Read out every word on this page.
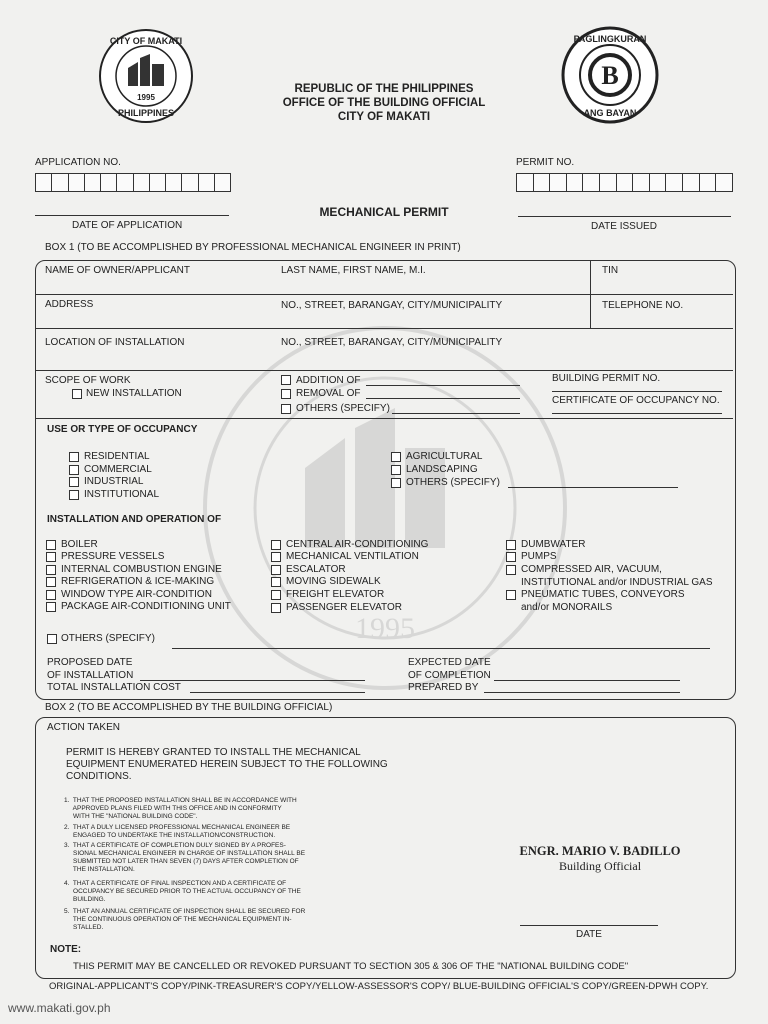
1995
CITY OF MAKATI
1995
PHILIPPINES
B
PAGLINGKURAN
ANG BAYAN
REPUBLIC OF THE PHILIPPINES
OFFICE OF THE BUILDING OFFICIAL
CITY OF MAKATI
APPLICATION NO.	PERMIT NO.
DATE OF APPLICATION
MECHANICAL PERMIT
DATE ISSUED
BOX 1 (TO BE ACCOMPLISHED BY PROFESSIONAL MECHANICAL ENGINEER IN PRINT)
NAME OF OWNER/APPLICANT	LAST NAME, FIRST NAME, M.I.	TIN
ADDRESS	NO., STREET, BARANGAY, CITY/MUNICIPALITY	TELEPHONE NO.
LOCATION OF INSTALLATION	NO., STREET, BARANGAY, CITY/MUNICIPALITY
SCOPE OF WORK
NEW INSTALLATION
ADDITION OF
REMOVAL OF
OTHERS (SPECIFY)
BUILDING PERMIT NO.
CERTIFICATE OF OCCUPANCY NO.
USE OR TYPE OF OCCUPANCY
RESIDENTIAL
COMMERCIAL
INDUSTRIAL
INSTITUTIONAL
AGRICULTURAL
LANDSCAPING
OTHERS (SPECIFY)
INSTALLATION AND OPERATION OF
BOILER
PRESSURE VESSELS
INTERNAL COMBUSTION ENGINE
REFRIGERATION & ICE-MAKING
WINDOW TYPE AIR-CONDITION
PACKAGE AIR-CONDITIONING UNIT
CENTRAL AIR-CONDITIONING
MECHANICAL VENTILATION
ESCALATOR
MOVING SIDEWALK
FREIGHT ELEVATOR
PASSENGER ELEVATOR
DUMBWATER
PUMPS
COMPRESSED AIR, VACUUM,
INSTITUTIONAL and/or INDUSTRIAL GAS
PNEUMATIC TUBES, CONVEYORS
and/or MONORAILS
OTHERS (SPECIFY)
PROPOSED DATE
OF INSTALLATION
TOTAL INSTALLATION COST
EXPECTED DATE
OF COMPLETION
PREPARED BY
BOX 2 (TO BE ACCOMPLISHED BY THE BUILDING OFFICIAL)
ACTION TAKEN
PERMIT IS HEREBY GRANTED TO INSTALL THE MECHANICAL
EQUIPMENT ENUMERATED HEREIN SUBJECT TO THE FOLLOWING
CONDITIONS.
1.  THAT THE PROPOSED INSTALLATION SHALL BE IN ACCORDANCE WITH
APPROVED PLANS FILED WITH THIS OFFICE AND IN CONFORMITY
WITH THE "NATIONAL BUILDING CODE".
2.  THAT A DULY LICENSED PROFESSIONAL MECHANICAL ENGINEER BE
ENGAGED TO UNDERTAKE THE INSTALLATION/CONSTRUCTION.
3.  THAT A CERTIFICATE OF COMPLETION DULY SIGNED BY A PROFES-
SIONAL MECHANICAL ENGINEER IN CHARGE OF INSTALLATION SHALL BE
SUBMITTED NOT LATER THAN SEVEN (7) DAYS AFTER COMPLETION OF
THE INSTALLATION.
4.  THAT A CERTIFICATE OF FINAL INSPECTION AND A CERTIFICATE OF
OCCUPANCY BE SECURED PRIOR TO THE ACTUAL OCCUPANCY OF THE
BUILDING.
5.  THAT AN ANNUAL CERTIFICATE OF INSPECTION SHALL BE SECURED FOR
THE CONTINUOUS OPERATION OF THE MECHANICAL EQUIPMENT IN-
STALLED.
ENGR. MARIO V. BADILLO
Building Official
DATE
NOTE:
THIS PERMIT MAY BE CANCELLED OR REVOKED PURSUANT TO SECTION 305 & 306 OF THE "NATIONAL BUILDING CODE"
ORIGINAL-APPLICANT'S COPY/PINK-TREASURER'S COPY/YELLOW-ASSESSOR'S COPY/ BLUE-BUILDING OFFICIAL'S COPY/GREEN-DPWH COPY.
www.makati.gov.ph
